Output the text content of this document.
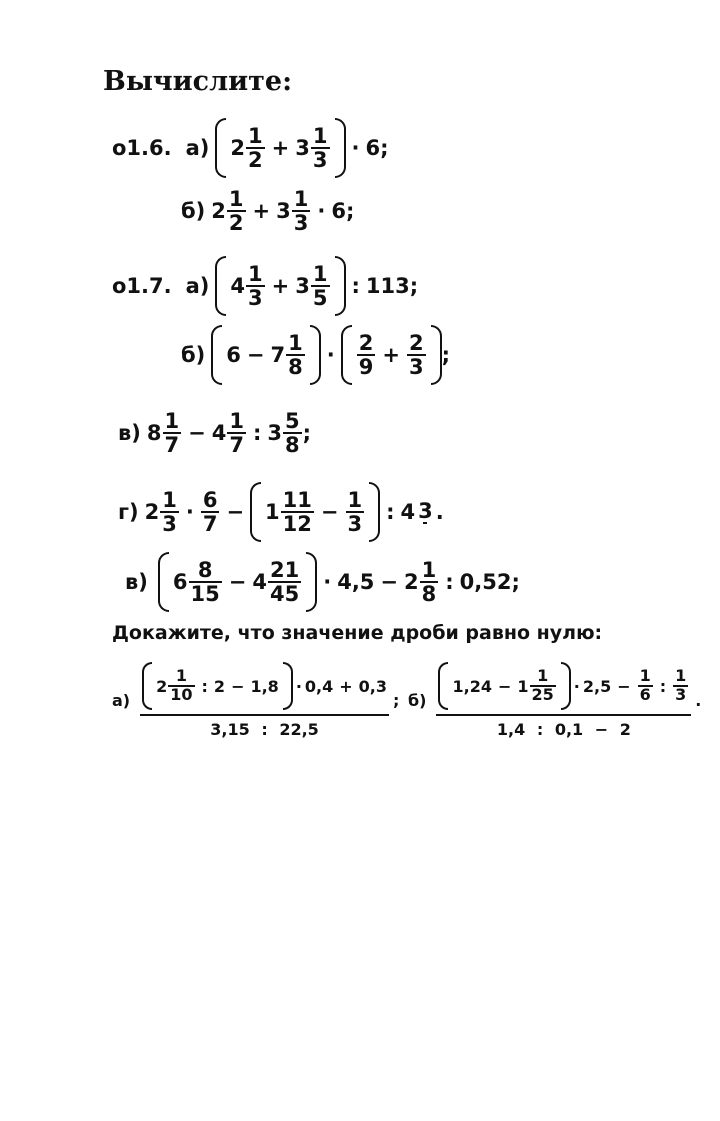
Вычислите:
о1.6. а) $2 \frac{1}{2} + 3 \frac{1}{3} \cdot 6$;
б) $2 \frac{1}{2} + 3 \frac{1}{3} \cdot 6$;
о1.7. а) $4 \frac{1}{3} + 3 \frac{1}{5}$ : 113;
б) $6 - 7 \frac{1}{8} \cdot \frac{2}{9} + \frac{2}{3}$ ;
в) $8 \frac{1}{7} - 4 \frac{1}{7}$ : $3 \frac{5}{8}$ ;
г) $2 \frac{1}{3} \cdot \frac{6}{7} - 1 \frac{11}{12} - \frac{1}{3}$ : 4 3 .
в) $6 \frac{8}{15} - 4 \frac{21}{45} \cdot 4,5 - 2 \frac{1}{8}$ : 0,52;
Докажите, что значение дроби равно нулю:
а)
$2 \frac{1}{10}$ : 2 − 1,8 · 0,4 + 0,3
3,15 : 22,5
; б)
$1,24 - 1 \frac{1}{25} \cdot 2,5 - \frac{1}{6}$ : $\frac{1}{3}$
1,4 : 0,1 − 2
.
